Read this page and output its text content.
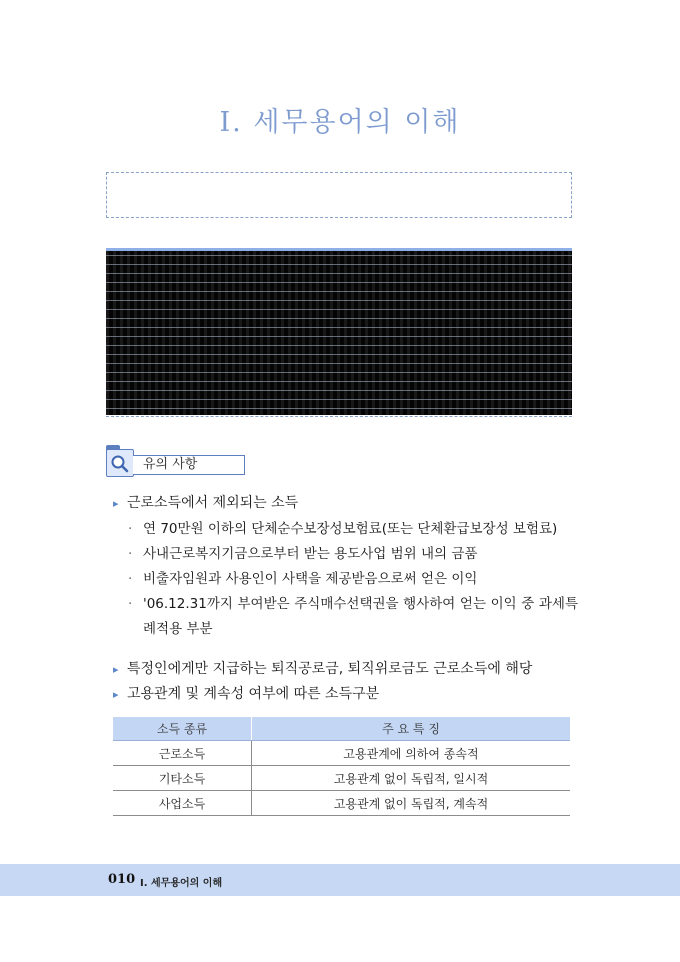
Ⅰ. 세무용어의 이해
유의 사항
▸ 근로소득에서 제외되는 소득
· 연 70만원 이하의 단체순수보장성보험료(또는 단체환급보장성 보험료)
· 사내근로복지기금으로부터 받는 용도사업 범위 내의 금품
· 비출자임원과 사용인이 사택을 제공받음으로써 얻은 이익
· '06.12.31까지 부여받은 주식매수선택권을 행사하여 얻는 이익 중 과세특례적용 부분
▸ 특정인에게만 지급하는 퇴직공로금, 퇴직위로금도 근로소득에 해당
▸ 고용관계 및 계속성 여부에 따른 소득구분
소득 종류	주 요 특 징
근로소득	고용관계에 의하여 종속적
기타소득	고용관계 없이 독립적, 일시적
사업소득	고용관계 없이 독립적, 계속적
010 Ⅰ. 세무용어의 이해
